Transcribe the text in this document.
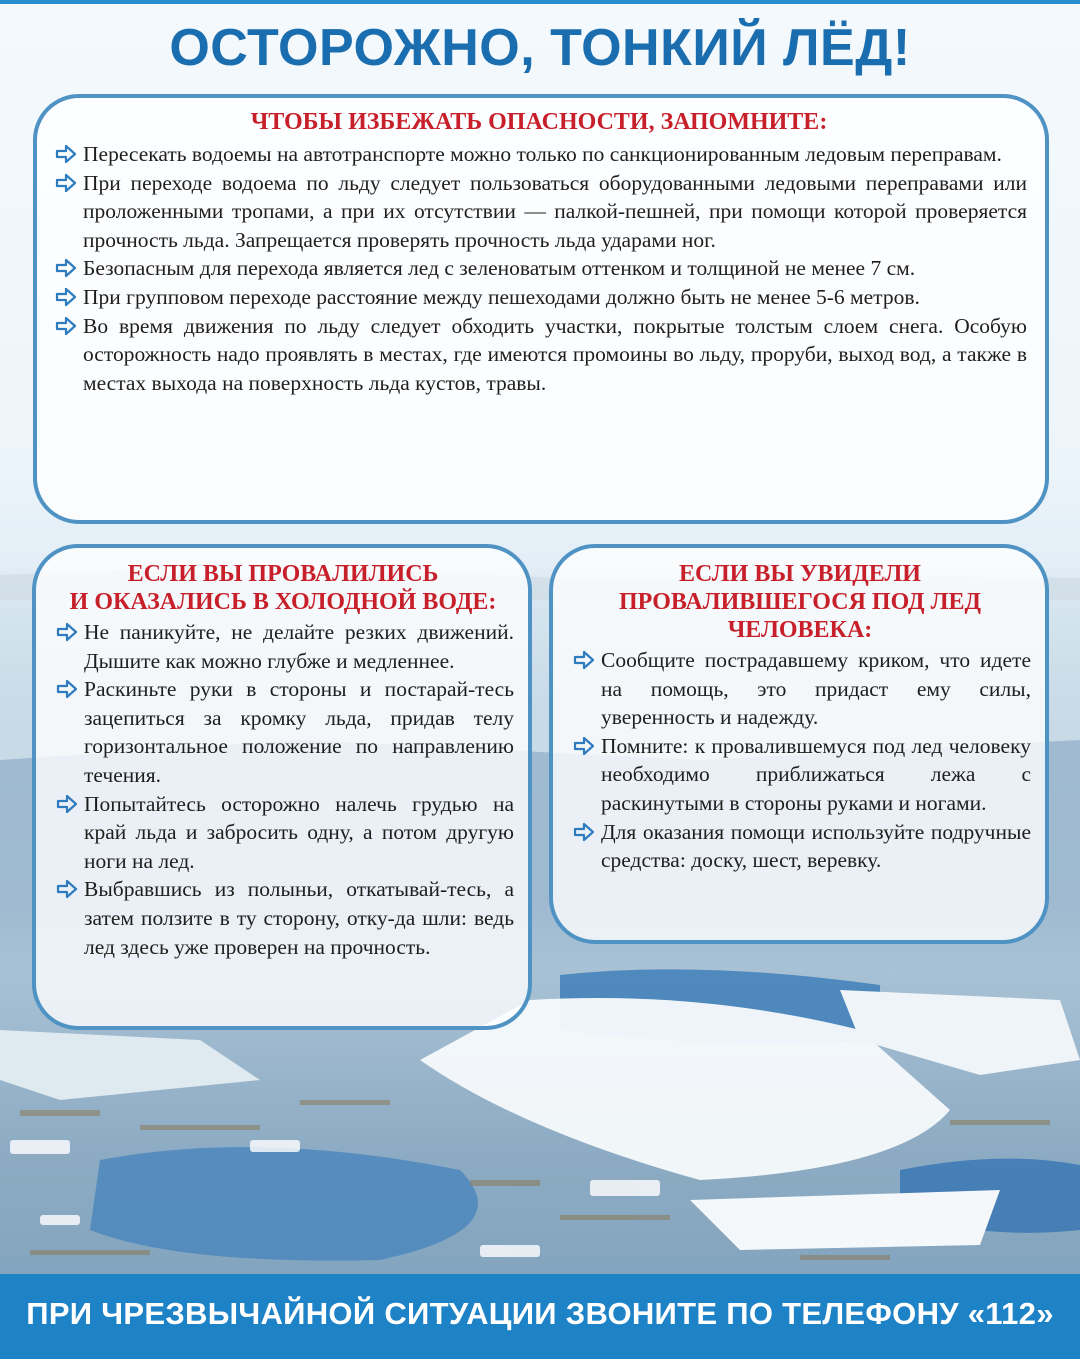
ОСТОРОЖНО, ТОНКИЙ ЛЁД!
ЧТОБЫ ИЗБЕЖАТЬ ОПАСНОСТИ, ЗАПОМНИТЕ:
Пересекать водоемы на автотранспорте можно только по санкционированным ледовым переправам.
При переходе водоема по льду следует пользоваться оборудованными ледовыми переправами или проложенными тропами, а при их отсутствии — палкой-пешней, при помощи которой проверяется прочность льда. Запрещается проверять прочность льда ударами ног.
Безопасным для перехода является лед с зеленоватым оттенком и толщиной не менее 7 см.
При групповом переходе расстояние между пешеходами должно быть не менее 5-6 метров.
Во время движения по льду следует обходить участки, покрытые толстым слоем снега. Особую осторожность надо проявлять в местах, где имеются промоины во льду, проруби, выход вод, а также в местах выхода на поверхность льда кустов, травы.
ЕСЛИ ВЫ ПРОВАЛИЛИСЬ
И ОКАЗАЛИСЬ В ХОЛОДНОЙ ВОДЕ:
Не паникуйте, не делайте резких движений. Дышите как можно глубже и медленнее.
Раскиньте руки в стороны и постарай-тесь зацепиться за кромку льда, придав телу горизонтальное положение по направлению течения.
Попытайтесь осторожно налечь грудью на край льда и забросить одну, а потом другую ноги на лед.
Выбравшись из полыньи, откатывай-тесь, а затем ползите в ту сторону, отку-да шли: ведь лед здесь уже проверен на прочность.
ЕСЛИ ВЫ УВИДЕЛИ
ПРОВАЛИВШЕГОСЯ ПОД ЛЕД
ЧЕЛОВЕКА:
Сообщите пострадавшему криком, что идете на помощь, это придаст ему силы, уверенность и надежду.
Помните: к провалившемуся под лед человеку необходимо приближаться лежа с раскинутыми в стороны руками и ногами.
Для оказания помощи используйте подручные средства: доску, шест, веревку.
ПРИ ЧРЕЗВЫЧАЙНОЙ СИТУАЦИИ ЗВОНИТЕ ПО ТЕЛЕФОНУ «112»
